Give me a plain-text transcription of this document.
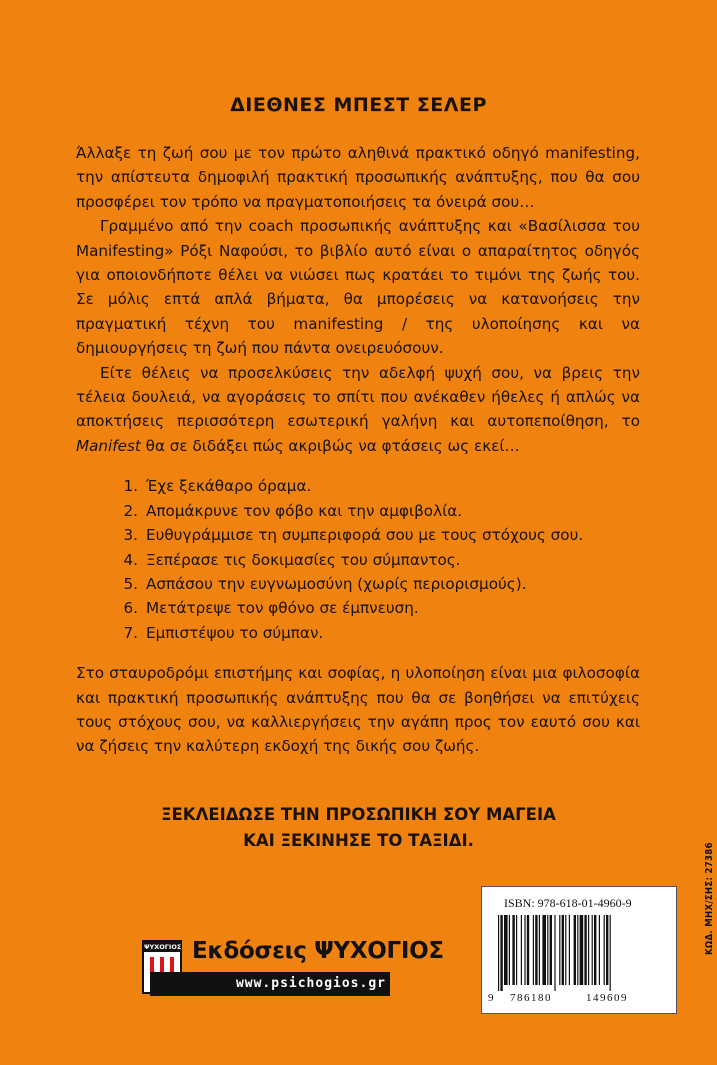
ΔΙΕΘΝΕΣ ΜΠΕΣΤ ΣΕΛΕΡ

Άλλαξε τη ζωή σου με τον πρώτο αληθινά πρακτικό οδηγό manifesting, την απίστευτα δημοφιλή πρακτική προσωπικής ανάπτυξης, που θα σου προσφέρει τον τρόπο να πραγματοποιήσεις τα όνειρά σου…

Γραμμένο από την coach προσωπικής ανάπτυξης και «Βασίλισσα του Manifesting» Ρόξι Ναφούσι, το βιβλίο αυτό είναι ο απαραίτητος οδηγός για οποιονδήποτε θέλει να νιώσει πως κρατάει το τιμόνι της ζωής του. Σε μόλις επτά απλά βήματα, θα μπορέσεις να κατανοήσεις την πραγματική τέχνη του manifesting / της υλοποίησης και να δημιουργήσεις τη ζωή που πάντα ονειρευόσουν.

Είτε θέλεις να προσελκύσεις την αδελφή ψυχή σου, να βρεις την τέλεια δουλειά, να αγοράσεις το σπίτι που ανέκαθεν ήθελες ή απλώς να αποκτήσεις περισσότερη εσωτερική γαλήνη και αυτοπεποίθηση, το Manifest θα σε διδάξει πώς ακριβώς να φτάσεις ως εκεί…

1. Έχε ξεκάθαρο όραμα.
2. Απομάκρυνε τον φόβο και την αμφιβολία.
3. Ευθυγράμμισε τη συμπεριφορά σου με τους στόχους σου.
4. Ξεπέρασε τις δοκιμασίες του σύμπαντος.
5. Ασπάσου την ευγνωμοσύνη (χωρίς περιορισμούς).
6. Μετάτρεψε τον φθόνο σε έμπνευση.
7. Εμπιστέψου το σύμπαν.

Στο σταυροδρόμι επιστήμης και σοφίας, η υλοποίηση είναι μια φιλοσοφία και πρακτική προσωπικής ανάπτυξης που θα σε βοηθήσει να επιτύχεις τους στόχους σου, να καλλιεργήσεις την αγάπη προς τον εαυτό σου και να ζήσεις την καλύτερη εκδοχή της δικής σου ζωής.

ΞΕΚΛΕΙΔΩΣΕ ΤΗΝ ΠΡΟΣΩΠΙΚΗ ΣΟΥ ΜΑΓΕΙΑ
ΚΑΙ ΞΕΚΙΝΗΣΕ ΤΟ ΤΑΞΙΔΙ.
ΨΥΧΟΓΙΟΣ Εκδόσεις ΨΥΧΟΓΙΟΣ
www.psichogios.gr
ISBN: 978-618-01-4960-9
9 786180	149609
ΚΩΔ. ΜΗΧ/ΣΗΣ: 27386
